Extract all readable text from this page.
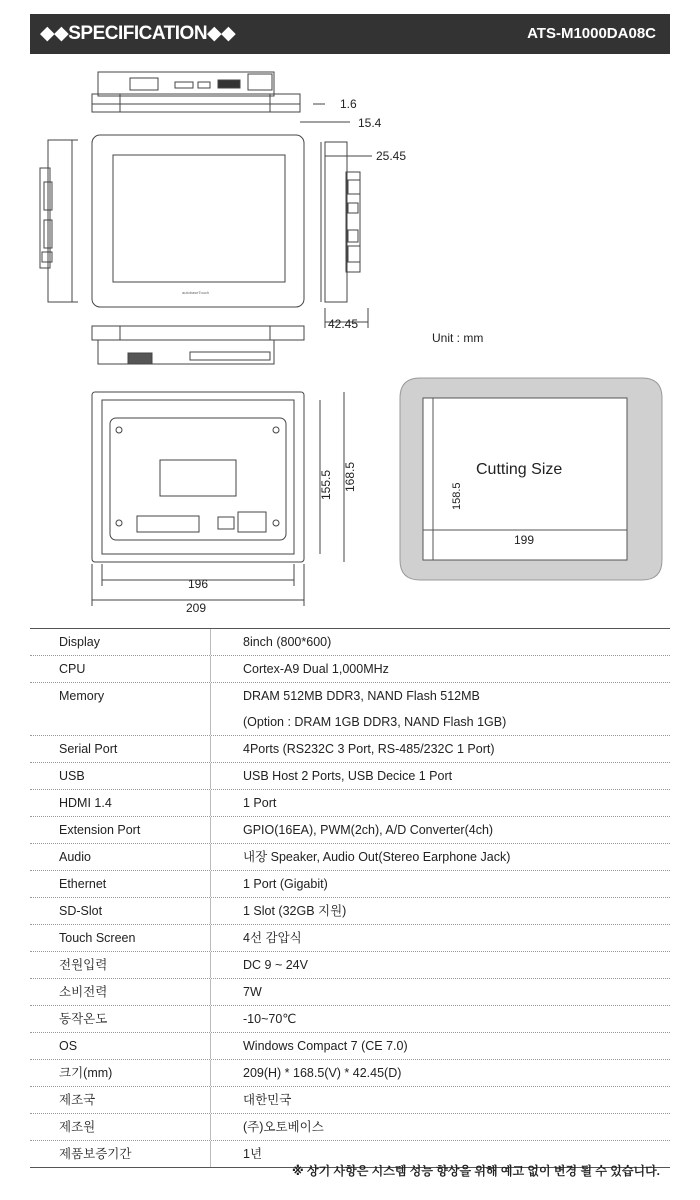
◆◆SPECIFICATION◆◆	ATS-M1000DA08C
1.6
15.4
25.45
42.45
Unit : mm
autobaseTouch
155.5 168.5
196
209
Cutting Size
158.5
199
Display	8inch (800*600)
CPU	Cortex-A9 Dual 1,000MHz
Memory	DRAM 512MB DDR3, NAND Flash 512MB
(Option : DRAM 1GB DDR3, NAND Flash 1GB)
Serial Port	4Ports (RS232C 3 Port, RS-485/232C 1 Port)
USB	USB Host 2 Ports, USB Decice 1 Port
HDMI 1.4	1 Port
Extension Port	GPIO(16EA), PWM(2ch), A/D Converter(4ch)
Audio	내장 Speaker, Audio Out(Stereo Earphone Jack)
Ethernet	1 Port (Gigabit)
SD-Slot	1 Slot (32GB 지원)
Touch Screen	4선 감압식
전원입력	DC 9 ~ 24V
소비전력	7W
동작온도	-10~70℃
OS	Windows Compact 7 (CE 7.0)
크기(mm)	209(H) * 168.5(V) * 42.45(D)
제조국	대한민국
제조원	(주)오토베이스
제품보증기간	1년
※ 상기 사항은 시스템 성능 향상을 위해 예고 없이 변경 될 수 있습니다.
